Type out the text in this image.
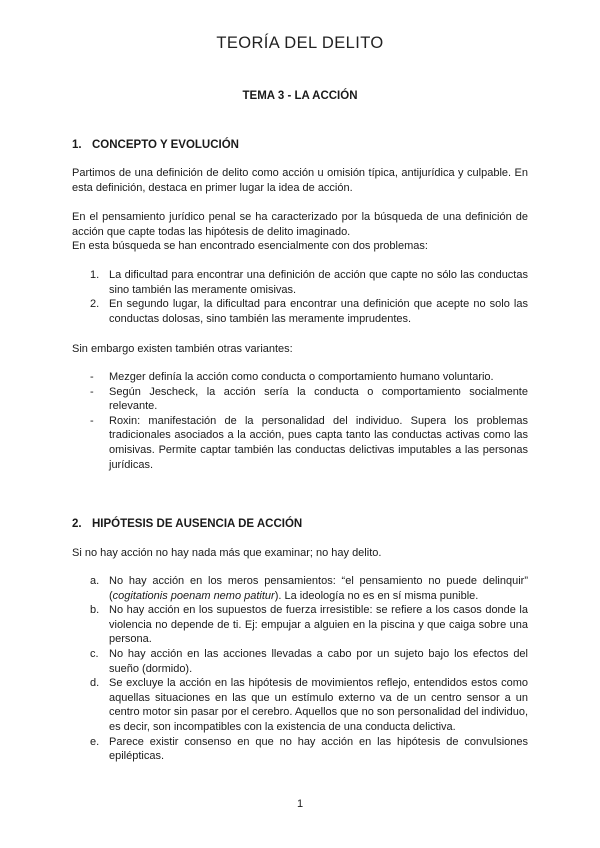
TEORÍA DEL DELITO
TEMA 3 - LA ACCIÓN
1. CONCEPTO Y EVOLUCIÓN
Partimos de una definición de delito como acción u omisión típica, antijurídica y culpable. En esta definición, destaca en primer lugar la idea de acción.
En el pensamiento jurídico penal se ha caracterizado por la búsqueda de una definición de acción que capte todas las hipótesis de delito imaginado.
En esta búsqueda se han encontrado esencialmente con dos problemas:
1. La dificultad para encontrar una definición de acción que capte no sólo las conductas sino también las meramente omisivas.
2. En segundo lugar, la dificultad para encontrar una definición que acepte no solo las conductas dolosas, sino también las meramente imprudentes.
Sin embargo existen también otras variantes:
- Mezger definía la acción como conducta o comportamiento humano voluntario.
- Según Jescheck, la acción sería la conducta o comportamiento socialmente relevante.
- Roxin: manifestación de la personalidad del individuo. Supera los problemas tradicionales asociados a la acción, pues capta tanto las conductas activas como las omisivas. Permite captar también las conductas delictivas imputables a las personas jurídicas.
2. HIPÓTESIS DE AUSENCIA DE ACCIÓN
Si no hay acción no hay nada más que examinar; no hay delito.
a. No hay acción en los meros pensamientos: “el pensamiento no puede delinquir” (cogitationis poenam nemo patitur). La ideología no es en sí misma punible.
b. No hay acción en los supuestos de fuerza irresistible: se refiere a los casos donde la violencia no depende de ti. Ej: empujar a alguien en la piscina y que caiga sobre una persona.
c. No hay acción en las acciones llevadas a cabo por un sujeto bajo los efectos del sueño (dormido).
d. Se excluye la acción en las hipótesis de movimientos reflejo, entendidos estos como aquellas situaciones en las que un estímulo externo va de un centro sensor a un centro motor sin pasar por el cerebro. Aquellos que no son personalidad del individuo, es decir, son incompatibles con la existencia de una conducta delictiva.
e. Parece existir consenso en que no hay acción en las hipótesis de convulsiones epilépticas.
1
